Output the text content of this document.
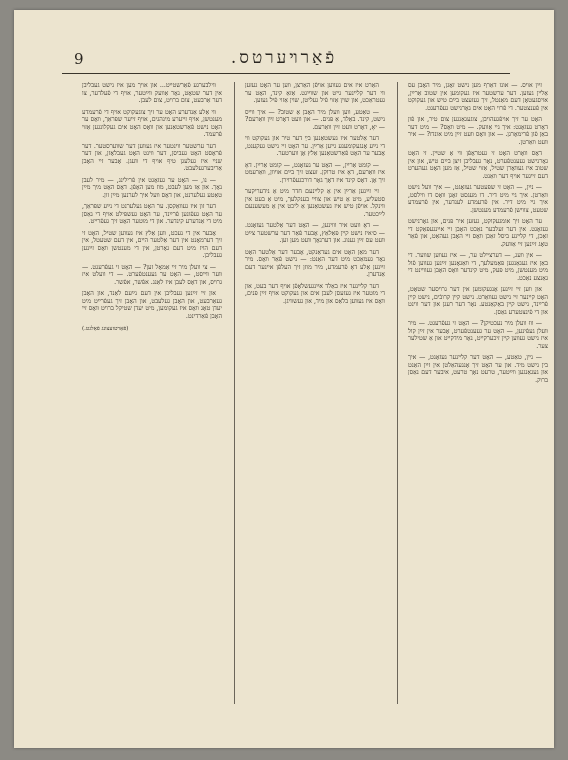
9	פֿאַרױערטס.

זײַן אויס. — אונז דאַרף מען נישט זאָגן, מיר האָבן עס אַלײן געזען. דער ערשטער איז געקומען אין שטוב אַרײַן, אויסגעטאָן דעם מאַנטל, זיך געזעצט בײַם טיש און געקוקט אין פֿענצטער. די פֿרוי האָט אים גאָרנישט געפֿרעגט.

האָט ער זיך אויפֿגעהויבן, צוגעגאַנגען צום טיר, און פֿון דאָרט געזאָגט: איך גײ אַװעק. — מיט װאָס? — מיט דער באַן פֿון פֿרימאָרגן. — און װאָס װעט זײַן מיט אונדז? — איר װעט װאַרטן.

דאָס װאָרט האָט זי געטראָפֿן װי אַ שטײן. זי האָט גאָרנישט געענטפֿערט, נאָר געבליבן זיצן בײַם טיש, און אין שטוב איז געװאָרן שטיל, אַזױ שטיל, אַז מען האָט געהערט דעם זײגער אויף דער װאַנט.

— נײַן, — האָט זי שפּעטער געזאָגט, — איך װעל נישט װאַרטן. איך גײ מיט דיר. דו מעגסט זאָגן װאָס דו װילסט, איך גײ מיט דיר. אין פֿרעמדע לענדער, אין פֿרעמדע שטעט, צװישן פֿרעמדע מענטשן.

ער האָט זיך אומגעקוקט, געזען איר פּנים, און גאָרנישט געזאָגט. אין דער זעלבער נאַכט האָבן זײ אײַנגעפּאַקט די זאַכן, די קלײנע ביסל זאַכן װאָס זײ האָבן געהאַט, און פֿאַר טאָג זײַנען זײ אַװעק.

— אין װעג, — דערצײלט ער, — איז געװען שװער. די באַן איז געגאַנגען פּאַמעלעך, די װאַגאָנען זײַנען געװען פֿול מיט מענטשן, מיט פּעק, מיט קינדער װאָס האָבן געװײנט די גאַנצע נאַכט.

און װען זײ זײַנען אָנגעקומען אין דער גרױסער שטאָט, האָט קײנער זײ נישט געװאַרט. נישט קײן קרובֿים, נישט קײן פֿרײַנד, נישט קײן באַקאַנטע. נאָר דער רעגן און דער װינט און די פֿינצטערע גאַסן.

— װוּ װעלן מיר נעכטיקן? — האָט זי געפֿרעגט. — מיר װעלן געפֿינען, — האָט ער געענטפֿערט, אָבער אין זײַן קול איז נישט געװען קײן זיכערקײט, נאָר מידקײט און אַ שטילער צער.

— נײן, טאַטע, — האָט דער קלײנער געזאָגט, — איך בין נישט מיד. און ער האָט זיך אָנגעהאַלטן אין זײַן האַנט און געגאַנגען װײַטער, טרעט נאָך טרעט, איבער דעם נאַסן ברוק.

האַרט איז אים געװען אויפֿן האַרצן, װען ער האָט געזען װי דער קלײנער גײט און שװײַגט. אַזאַ קינד, האָט ער געטראַכט, און שױן אַזױ פֿיל געליטן, שױן אַזױ פֿיל געזען.

— טאַטע, װען װעלן מיר האָבן אַ שטוב? — איך װײס נישט, קינד. באַלד, אַ פּנים. — און װעט דאָרט זײַן װאַרעם? — יאָ, דאָרט װעט זײַן װאַרעם.

דער אַלטער איז געשטאַנען בײַ דער טיר און געקוקט װי די נײַע אָנגעקומענע גײען אַרײַן. ער האָט זײ נישט געקענט, אָבער ער האָט פֿאַרשטאַנען אַלץ אָן װערטער.

— קומט אַרײַן, — האָט ער געזאָגט, — קומט אַרײַן. דאָ איז װאַרעם, דאָ איז טרוקן. זעצט זיך בײַם אויװן, װאַרעמט זיך אָן. דאָס קינד איז דאָך גאָר דורכגעפֿרױרן.

זײ זײַנען אַרײַן אין אַ קלײנעם חדר מיט אַ נידעריקער סטעליע, מיט אַ טיש און צװײ בענקלעך, מיט אַ בעט אין װינקל. אויפֿן טיש איז געשטאַנען אַ ליכט אין אַ מעשענעם לײַכטער.

— דאָ װעט איר װױנען, — האָט דער אַלטער געזאָגט. — ס׳איז נישט קײן פּאַלאַץ, אָבער פֿאַר דער ערשטער צײַט װעט עס זײַן גענוג. און דערנאָך װעט מען זען.

דער מאַן האָט אים געדאַנקט, אָבער דער אַלטער האָט נאָר געמאַכט מיט דער האַנט: — נישט פֿאַר װאָס. מיר זײַנען אַלע דאָ פֿרעמדע, מיר מוזן זיך העלפֿן אײנער דעם אַנדערן.

דער קלײנער איז באַלד אײַנגעשלאָפֿן אויף דער בעט, און די מוטער איז געזעסן לעבן אים און געקוקט אויף זײַן פּנים, װאָס איז געװען בלאַס און מיד, און געשװיגן.

װילבערגע פֿאַרשטײט... און אױך מען איז נישט געבליבן אין דער שטאָט, נאָר אַװעק װײַטער, אויף די פֿעלדער, צו דער אַרבעט, צום ברױט, צום לעבן.

װי אַלע אַנדערע האָט ער זיך צוגעקוקט אויף די פֿרעמדע מענטשן, אויף זײערע מינהגים, אויף זײער שפּראַך, װאָס ער האָט נישט פֿאַרשטאַנען און װאָס האָט אים געקלונגען אַזױ פֿרעמד.

דער ערשטער װינטער איז געװען דער שװערסטער. דער פֿראָסט האָט געביסן, דער װינט האָט געבלאָזן, און דער שנײ איז געלעגן טיף אויף די װעגן. אָבער זײ האָבן אַריבערגעלעבט.

— נו, — האָט ער געזאָגט אין פֿרילינג, — מיר לעבן נאָך. און אַז מען לעבט, מוז מען האָפֿן. דאָס האָט מיך מײַן טאַטע געלערנט, און דאָס װעל איך לערנען מײַן זון.

דער זון איז געװאַקסן. ער האָט געלערנט די נײַע שפּראַך, ער האָט געפֿונען פֿרײַנד, ער האָט געשפּילט אויף די גאַסן מיט די אַנדערע קינדער. און די מוטער האָט זיך געפֿרײט.

אָבער אין די נעכט, װען אַלץ איז געװען שטיל, האָט זי זיך דערמאָנט אין דער אַלטער הײם, אין דעם שטעטל, אין דעם הױז מיט דעם גאָרטן, אין די מענטשן װאָס זײַנען געבליבן.

— צי װעלן מיר זײ אַמאָל זען? — האָט זי געפֿרעגט. — װער װײסט, — האָט ער געענטפֿערט. — די װעלט איז גרױס, און דאָס לעבן איז לאַנג. אפֿשר, אפֿשר.

און זײ זײַנען געבליבן אין דעם נײַעם לאַנד, און האָבן געאַרבעט, און האָבן געלעבט, און האָבן זיך געפֿרײט מיט יעדן טאָג װאָס איז געקומען, מיט יעדן שטיקל ברױט װאָס זײ האָבן פֿאַרדינט.

(פֿאָרטזעצונג פֿאָלגט.)
